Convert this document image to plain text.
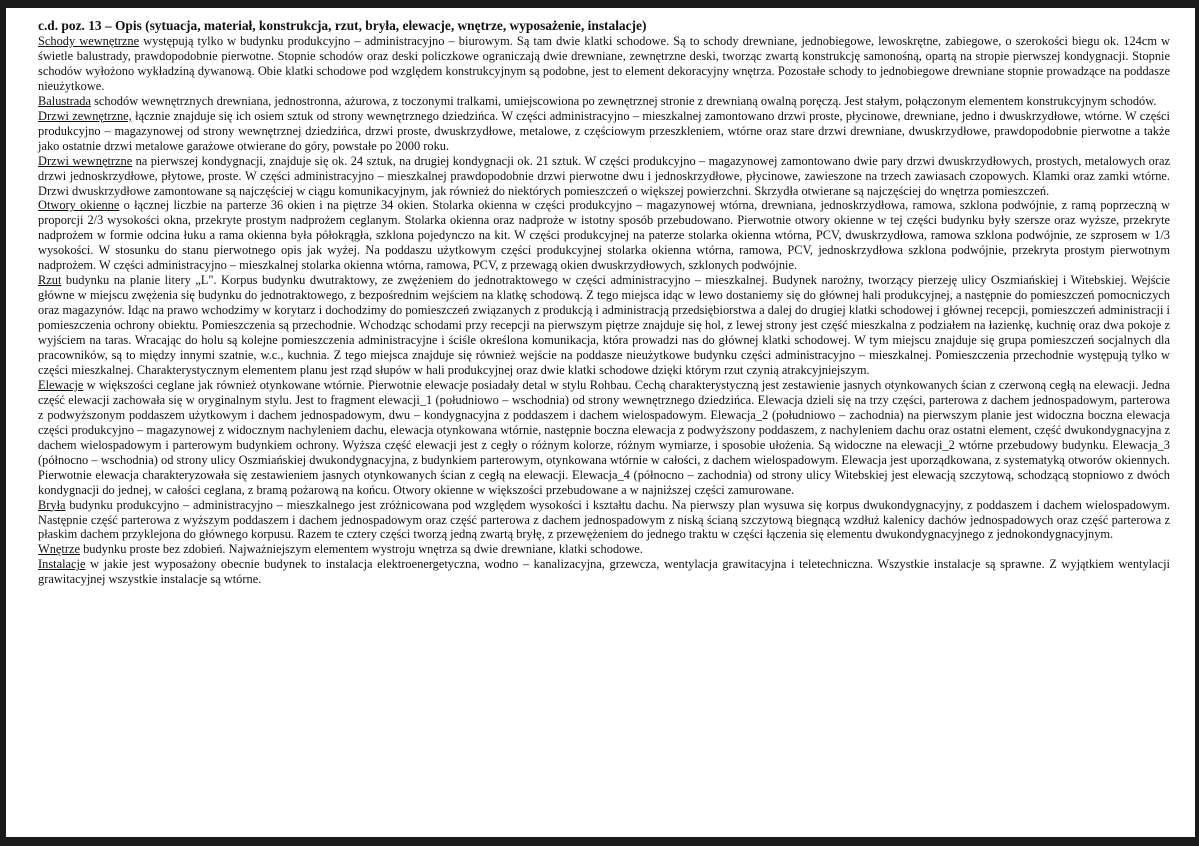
c.d. poz. 13 – Opis (sytuacja, materiał, konstrukcja, rzut, bryła, elewacje, wnętrze, wyposażenie, instalacje)

Schody wewnętrzne występują tylko w budynku produkcyjno – administracyjno – biurowym. Są tam dwie klatki schodowe. Są to schody drewniane, jednobiegowe, lewoskrętne, zabiegowe, o szerokości biegu ok. 124cm w świetle balustrady, prawdopodobnie pierwotne. Stopnie schodów oraz deski policzkowe ograniczają dwie drewniane, zewnętrzne deski, tworząc zwartą konstrukcję samonośną, opartą na stropie pierwszej kondygnacji. Stopnie schodów wyłożono wykładziną dywanową. Obie klatki schodowe pod względem konstrukcyjnym są podobne, jest to element dekoracyjny wnętrza. Pozostałe schody to jednobiegowe drewniane stopnie prowadzące na poddasze nieużytkowe.

Balustrada schodów wewnętrznych drewniana, jednostronna, ażurowa, z toczonymi tralkami, umiejscowiona po zewnętrznej stronie z drewnianą owalną poręczą. Jest stałym, połączonym elementem konstrukcyjnym schodów.

Drzwi zewnętrzne, łącznie znajduje się ich osiem sztuk od strony wewnętrznego dziedzińca. W części administracyjno – mieszkalnej zamontowano drzwi proste, płycinowe, drewniane, jedno i dwuskrzydłowe, wtórne. W części produkcyjno – magazynowej od strony wewnętrznej dziedzińca, drzwi proste, dwuskrzydłowe, metalowe, z częściowym przeszkleniem, wtórne oraz stare drzwi drewniane, dwuskrzydłowe, prawdopodobnie pierwotne a także jako ostatnie drzwi metalowe garażowe otwierane do góry, powstałe po 2000 roku.

Drzwi wewnętrzne na pierwszej kondygnacji, znajduje się ok. 24 sztuk, na drugiej kondygnacji ok. 21 sztuk. W części produkcyjno – magazynowej zamontowano dwie pary drzwi dwuskrzydłowych, prostych, metalowych oraz drzwi jednoskrzydłowe, płytowe, proste. W części administracyjno – mieszkalnej prawdopodobnie drzwi pierwotne dwu i jednoskrzydłowe, płycinowe, zawieszone na trzech zawiasach czopowych. Klamki oraz zamki wtórne. Drzwi dwuskrzydłowe zamontowane są najczęściej w ciągu komunikacyjnym, jak również do niektórych pomieszczeń o większej powierzchni. Skrzydła otwierane są najczęściej do wnętrza pomieszczeń.

Otwory okienne o łącznej liczbie na parterze 36 okien i na piętrze 34 okien. Stolarka okienna w części produkcyjno – magazynowej wtórna, drewniana, jednoskrzydłowa, ramowa, szklona podwójnie, z ramą poprzeczną w proporcji 2/3 wysokości okna, przekryte prostym nadprożem ceglanym. Stolarka okienna oraz nadproże w istotny sposób przebudowano. Pierwotnie otwory okienne w tej części budynku były szersze oraz wyższe, przekryte nadprożem w formie odcina łuku a rama okienna była półokrągła, szklona pojedynczo na kit. W części produkcyjnej na paterze stolarka okienna wtórna, PCV, dwuskrzydłowa, ramowa szklona podwójnie, ze szprosem w 1/3 wysokości. W stosunku do stanu pierwotnego opis jak wyżej. Na poddaszu użytkowym części produkcyjnej stolarka okienna wtórna, ramowa, PCV, jednoskrzydłowa szklona podwójnie, przekryta prostym pierwotnym nadprożem. W części administracyjno – mieszkalnej stolarka okienna wtórna, ramowa, PCV, z przewagą okien dwuskrzydłowych, szklonych podwójnie.

Rzut budynku na planie litery „L". Korpus budynku dwutraktowy, ze zwężeniem do jednotraktowego w części administracyjno – mieszkalnej. Budynek narożny, tworzący pierzeję ulicy Oszmiańskiej i Witebskiej. Wejście główne w miejscu zwężenia się budynku do jednotraktowego, z bezpośrednim wejściem na klatkę schodową. Z tego miejsca idąc w lewo dostaniemy się do głównej hali produkcyjnej, a następnie do pomieszczeń pomocniczych oraz magazynów. Idąc na prawo wchodzimy w korytarz i dochodzimy do pomieszczeń związanych z produkcją i administracją przedsiębiorstwa a dalej do drugiej klatki schodowej i głównej recepcji, pomieszczeń administracji i pomieszczenia ochrony obiektu. Pomieszczenia są przechodnie. Wchodząc schodami przy recepcji na pierwszym piętrze znajduje się hol, z lewej strony jest część mieszkalna z podziałem na łazienkę, kuchnię oraz dwa pokoje z wyjściem na taras. Wracając do holu są kolejne pomieszczenia administracyjne i ściśle określona komunikacja, która prowadzi nas do głównej klatki schodowej. W tym miejscu znajduje się grupa pomieszczeń socjalnych dla pracowników, są to między innymi szatnie, w.c., kuchnia. Z tego miejsca znajduje się również wejście na poddasze nieużytkowe budynku części administracyjno – mieszkalnej. Pomieszczenia przechodnie występują tylko w części mieszkalnej. Charakterystycznym elementem planu jest rząd słupów w hali produkcyjnej oraz dwie klatki schodowe dzięki którym rzut czynią atrakcyjniejszym.

Elewacje w większości ceglane jak również otynkowane wtórnie. Pierwotnie elewacje posiadały detal w stylu Rohbau. Cechą charakterystyczną jest zestawienie jasnych otynkowanych ścian z czerwoną cegłą na elewacji. Jedna część elewacji zachowała się w oryginalnym stylu. Jest to fragment elewacji_1 (południowo – wschodnia) od strony wewnętrznego dziedzińca. Elewacja dzieli się na trzy części, parterowa z dachem jednospadowym, parterowa z podwyższonym poddaszem użytkowym i dachem jednospadowym, dwu – kondygnacyjna z poddaszem i dachem wielospadowym. Elewacja_2 (południowo – zachodnia) na pierwszym planie jest widoczna boczna elewacja części produkcyjno – magazynowej z widocznym nachyleniem dachu, elewacja otynkowana wtórnie, następnie boczna elewacja z podwyższony poddaszem, z nachyleniem dachu oraz ostatni element, część dwukondygnacyjna z dachem wielospadowym i parterowym budynkiem ochrony. Wyższa część elewacji jest z cegły o różnym kolorze, różnym wymiarze, i sposobie ułożenia. Są widoczne na elewacji_2 wtórne przebudowy budynku. Elewacja_3 (północno – wschodnia) od strony ulicy Oszmiańskiej dwukondygnacyjna, z budynkiem parterowym, otynkowana wtórnie w całości, z dachem wielospadowym. Elewacja jest uporządkowana, z systematyką otworów okiennych. Pierwotnie elewacja charakteryzowała się zestawieniem jasnych otynkowanych ścian z cegłą na elewacji. Elewacja_4 (północno – zachodnia) od strony ulicy Witebskiej jest elewacją szczytową, schodzącą stopniowo z dwóch kondygnacji do jednej, w całości ceglana, z bramą pożarową na końcu. Otwory okienne w większości przebudowane a w najniższej części zamurowane.

Bryła budynku produkcyjno – administracyjno – mieszkalnego jest zróżnicowana pod względem wysokości i kształtu dachu. Na pierwszy plan wysuwa się korpus dwukondygnacyjny, z poddaszem i dachem wielospadowym. Następnie część parterowa z wyższym poddaszem i dachem jednospadowym oraz część parterowa z dachem jednospadowym z niską ścianą szczytową biegnącą wzdłuż kalenicy dachów jednospadowych oraz część parterowa z płaskim dachem przyklejona do głównego korpusu. Razem te cztery części tworzą jedną zwartą bryłę, z przewężeniem do jednego traktu w części łączenia się elementu dwukondygnacyjnego z jednokondygnacyjnym.

Wnętrze budynku proste bez zdobień. Najważniejszym elementem wystroju wnętrza są dwie drewniane, klatki schodowe.

Instalacje w jakie jest wyposażony obecnie budynek to instalacja elektroenergetyczna, wodno – kanalizacyjna, grzewcza, wentylacja grawitacyjna i teletechniczna. Wszystkie instalacje są sprawne. Z wyjątkiem wentylacji grawitacyjnej wszystkie instalacje są wtórne.
